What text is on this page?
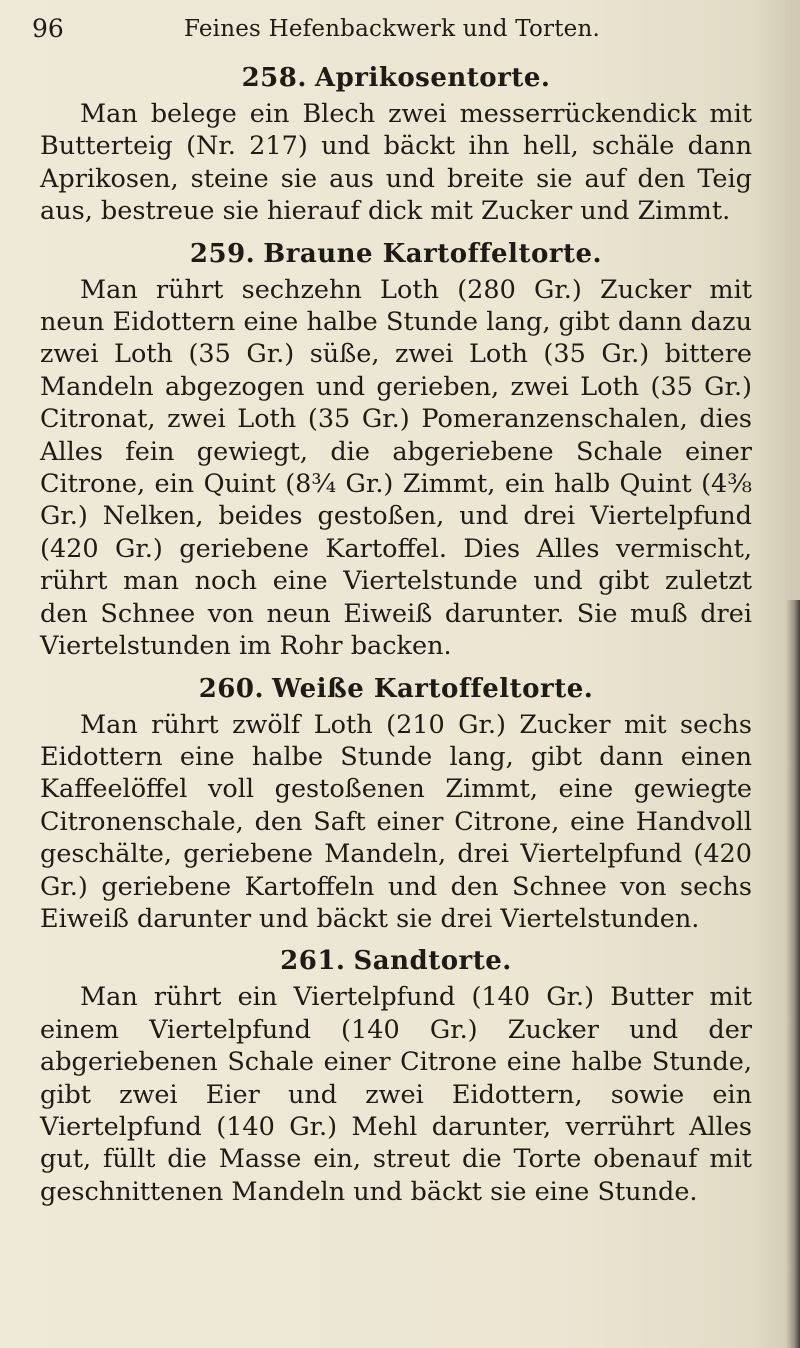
96	Feines Hefenbackwerk und Torten.
258. Aprikosentorte.

Man belege ein Blech zwei messerrückendick mit Butterteig (Nr. 217) und bäckt ihn hell, schäle dann Aprikosen, steine sie aus und breite sie auf den Teig aus, bestreue sie hierauf dick mit Zucker und Zimmt.

259. Braune Kartoffeltorte.

Man rührt sechzehn Loth (280 Gr.) Zucker mit neun Eidottern eine halbe Stunde lang, gibt dann dazu zwei Loth (35 Gr.) süße, zwei Loth (35 Gr.) bittere Mandeln abgezogen und gerieben, zwei Loth (35 Gr.) Citronat, zwei Loth (35 Gr.) Pomeranzenschalen, dies Alles fein gewiegt, die abgeriebene Schale einer Citrone, ein Quint (8¾ Gr.) Zimmt, ein halb Quint (4⅜ Gr.) Nelken, beides gestoßen, und drei Viertelpfund (420 Gr.) geriebene Kartoffel. Dies Alles vermischt, rührt man noch eine Viertelstunde und gibt zuletzt den Schnee von neun Eiweiß darunter. Sie muß drei Viertelstunden im Rohr backen.

260. Weiße Kartoffeltorte.

Man rührt zwölf Loth (210 Gr.) Zucker mit sechs Eidottern eine halbe Stunde lang, gibt dann einen Kaffeelöffel voll gestoßenen Zimmt, eine gewiegte Citronenschale, den Saft einer Citrone, eine Handvoll geschälte, geriebene Mandeln, drei Viertelpfund (420 Gr.) geriebene Kartoffeln und den Schnee von sechs Eiweiß darunter und bäckt sie drei Viertelstunden.

261. Sandtorte.

Man rührt ein Viertelpfund (140 Gr.) Butter mit einem Viertelpfund (140 Gr.) Zucker und der abgeriebenen Schale einer Citrone eine halbe Stunde, gibt zwei Eier und zwei Eidottern, sowie ein Viertelpfund (140 Gr.) Mehl darunter, verrührt Alles gut, füllt die Masse ein, streut die Torte obenauf mit geschnittenen Mandeln und bäckt sie eine Stunde.
